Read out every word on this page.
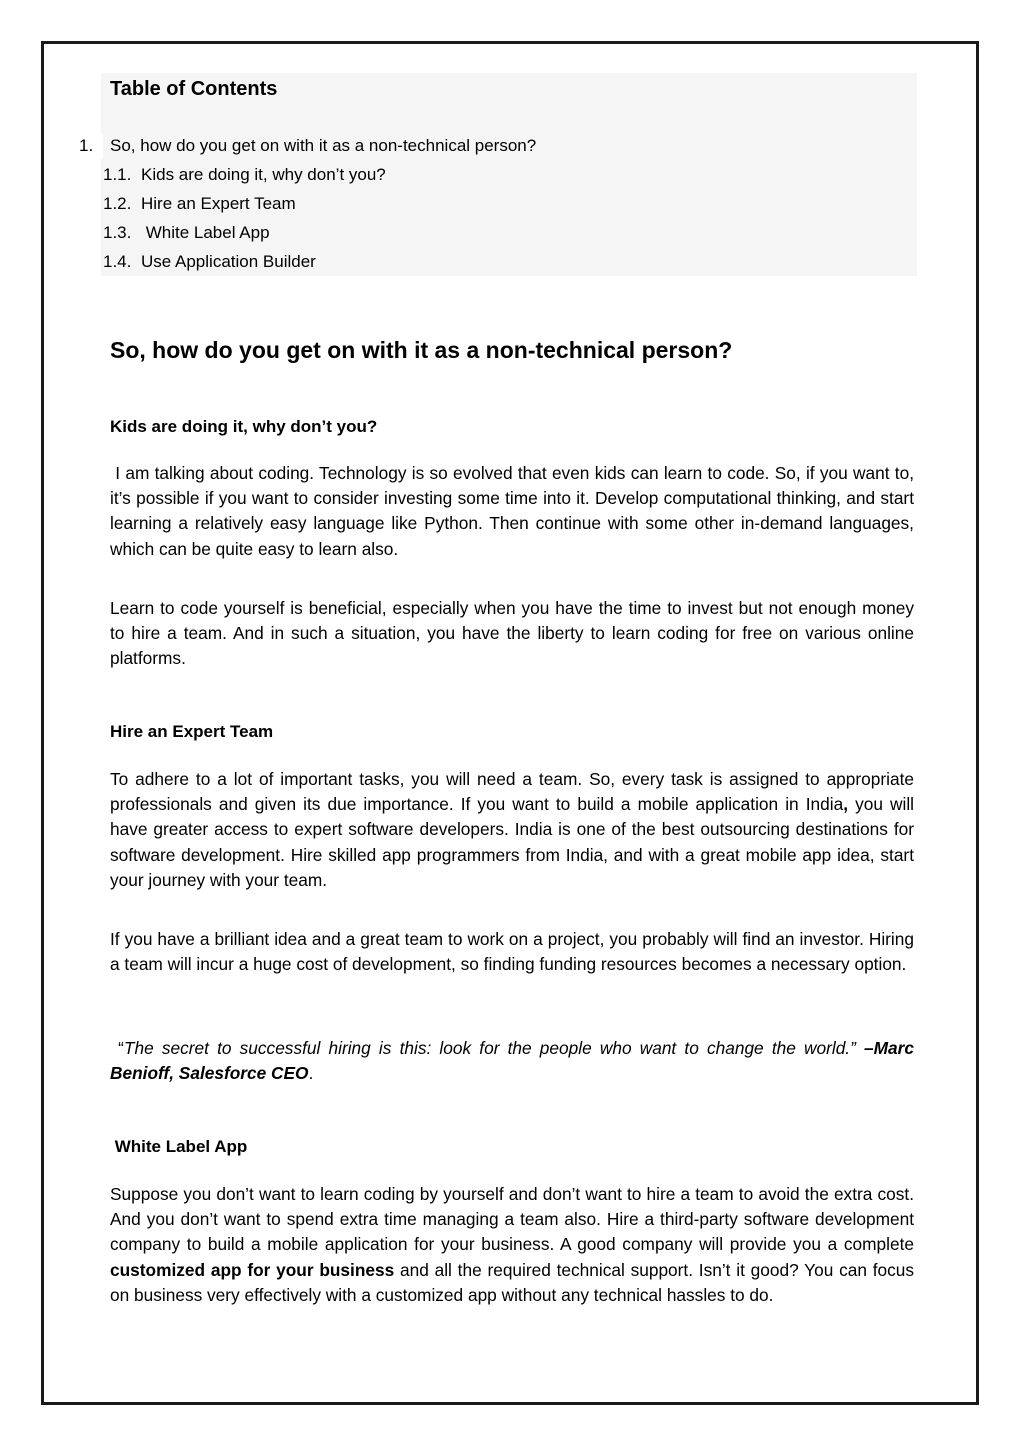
Table of Contents
1. So, how do you get on with it as a non-technical person?
1.1. Kids are doing it, why don’t you?
1.2. Hire an Expert Team
1.3. White Label App
1.4. Use Application Builder
So, how do you get on with it as a non-technical person?
Kids are doing it, why don’t you?
I am talking about coding. Technology is so evolved that even kids can learn to code. So, if you want to, it’s possible if you want to consider investing some time into it. Develop computational thinking, and start learning a relatively easy language like Python. Then continue with some other in-demand languages, which can be quite easy to learn also.
Learn to code yourself is beneficial, especially when you have the time to invest but not enough money to hire a team. And in such a situation, you have the liberty to learn coding for free on various online platforms.
Hire an Expert Team
To adhere to a lot of important tasks, you will need a team. So, every task is assigned to appropriate professionals and given its due importance. If you want to build a mobile application in India, you will have greater access to expert software developers. India is one of the best outsourcing destinations for software development. Hire skilled app programmers from India, and with a great mobile app idea, start your journey with your team.
If you have a brilliant idea and a great team to work on a project, you probably will find an investor. Hiring a team will incur a huge cost of development, so finding funding resources becomes a necessary option.
“The secret to successful hiring is this: look for the people who want to change the world.” –Marc Benioff, Salesforce CEO.
White Label App
Suppose you don’t want to learn coding by yourself and don’t want to hire a team to avoid the extra cost. And you don’t want to spend extra time managing a team also. Hire a third-party software development company to build a mobile application for your business. A good company will provide you a complete customized app for your business and all the required technical support. Isn’t it good? You can focus on business very effectively with a customized app without any technical hassles to do.
